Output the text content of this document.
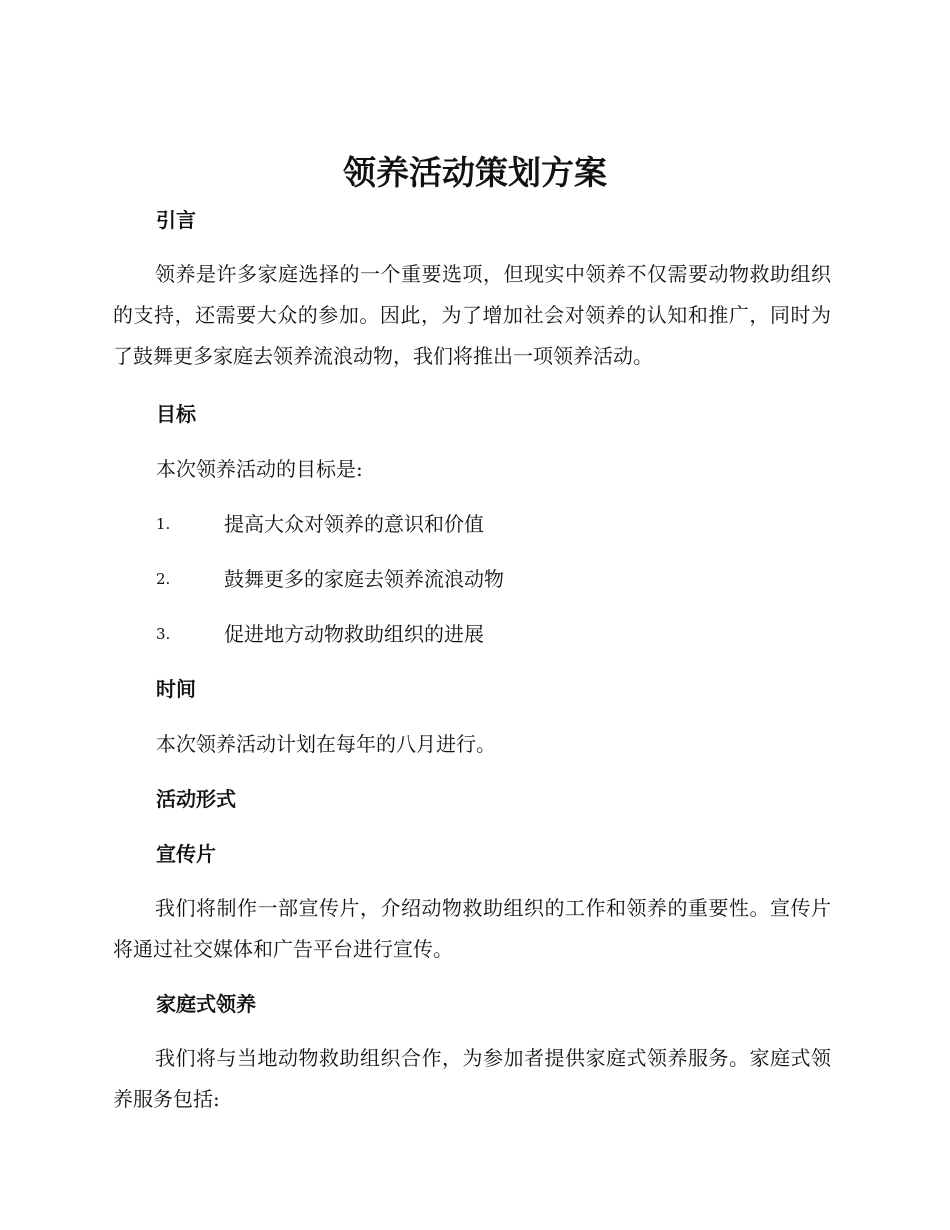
领养活动策划方案
引言

领养是许多家庭选择的一个重要选项，但现实中领养不仅需要动物救助组织的支持，还需要大众的参加。因此，为了增加社会对领养的认知和推广，同时为了鼓舞更多家庭去领养流浪动物，我们将推出一项领养活动。

目标

本次领养活动的目标是:

1.	提高大众对领养的意识和价值
2.	鼓舞更多的家庭去领养流浪动物
3.	促进地方动物救助组织的进展
时间

本次领养活动计划在每年的八月进行。

活动形式
宣传片

我们将制作一部宣传片，介绍动物救助组织的工作和领养的重要性。宣传片将通过社交媒体和广告平台进行宣传。

家庭式领养

我们将与当地动物救助组织合作，为参加者提供家庭式领养服务。家庭式领养服务包括:
